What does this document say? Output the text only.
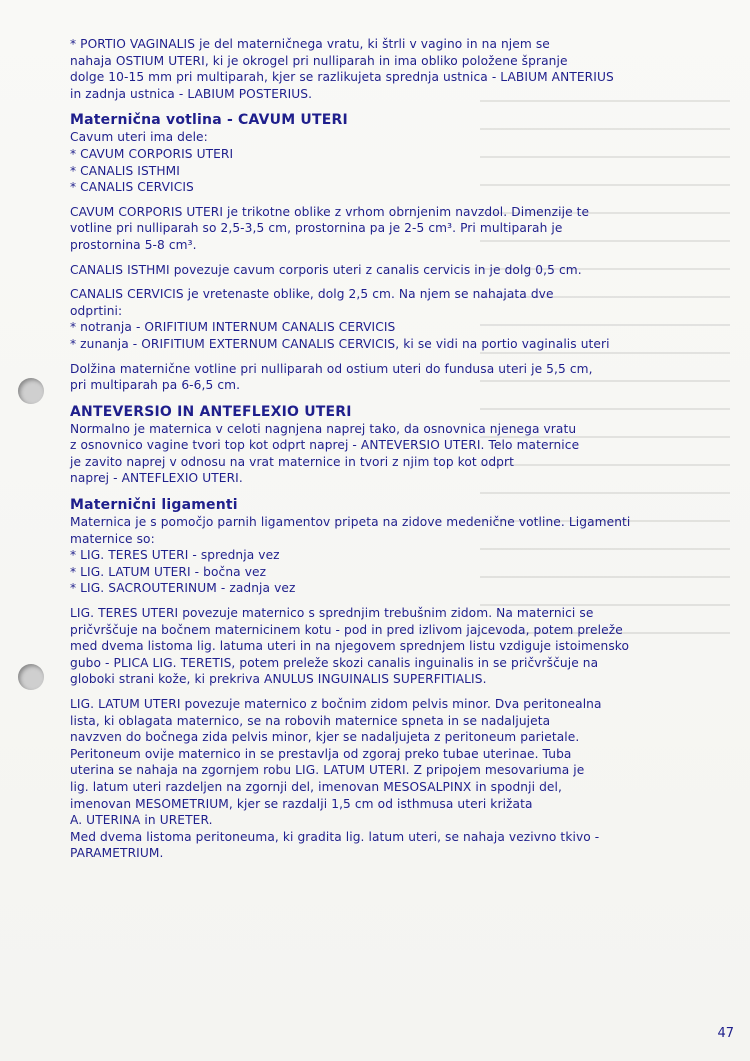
* PORTIO VAGINALIS je del materničnega vratu, ki štrli v vagino in na njem se
nahaja OSTIUM UTERI, ki je okrogel pri nulliparah in ima obliko položene špranje
dolge 10-15 mm pri multiparah, kjer se razlikujeta sprednja ustnica - LABIUM ANTERIUS
in zadnja ustnica - LABIUM POSTERIUS.
Maternična votlina - CAVUM UTERI
Cavum uteri ima dele:
* CAVUM CORPORIS UTERI
* CANALIS ISTHMI
* CANALIS CERVICIS
CAVUM CORPORIS UTERI je trikotne oblike z vrhom obrnjenim navzdol. Dimenzije te
votline pri nulliparah so 2,5-3,5 cm, prostornina pa je 2-5 cm³. Pri multiparah je
prostornina 5-8 cm³.
CANALIS ISTHMI povezuje cavum corporis uteri z canalis cervicis in je dolg 0,5 cm.
CANALIS CERVICIS je vretenaste oblike, dolg 2,5 cm. Na njem se nahajata dve
odprtini:
* notranja - ORIFITIUM INTERNUM CANALIS CERVICIS
* zunanja - ORIFITIUM EXTERNUM CANALIS CERVICIS, ki se vidi na portio vaginalis uteri
Dolžina maternične votline pri nulliparah od ostium uteri do fundusa uteri je 5,5 cm,
pri multiparah pa 6-6,5 cm.
ANTEVERSIO IN ANTEFLEXIO UTERI
Normalno je maternica v celoti nagnjena naprej tako, da osnovnica njenega vratu
z osnovnico vagine tvori top kot odprt naprej - ANTEVERSIO UTERI. Telo maternice
je zavito naprej v odnosu na vrat maternice in tvori z njim top kot odprt
naprej - ANTEFLEXIO UTERI.
Maternični ligamenti
Maternica je s pomočjo parnih ligamentov pripeta na zidove medenične votline. Ligamenti
maternice so:
* LIG. TERES UTERI - sprednja vez
* LIG. LATUM UTERI - bočna vez
* LIG. SACROUTERINUM - zadnja vez
LIG. TERES UTERI povezuje maternico s sprednjim trebušnim zidom. Na maternici se
pričvrščuje na bočnem maternicinem kotu - pod in pred izlivom jajcevoda, potem preleže
med dvema listoma lig. latuma uteri in na njegovem sprednjem listu vzdiguje istoimensko
gubo - PLICA LIG. TERETIS, potem preleže skozi canalis inguinalis in se pričvrščuje na
globoki strani kože, ki prekriva ANULUS INGUINALIS SUPERFITIALIS.
LIG. LATUM UTERI povezuje maternico z bočnim zidom pelvis minor. Dva peritonealna
lista, ki oblagata maternico, se na robovih maternice spneta in se nadaljujeta
navzven do bočnega zida pelvis minor, kjer se nadaljujeta z peritoneum parietale.
Peritoneum ovije maternico in se prestavlja od zgoraj preko tubae uterinae. Tuba
uterina se nahaja na zgornjem robu LIG. LATUM UTERI. Z pripojem mesovariuma je
lig. latum uteri razdeljen na zgornji del, imenovan MESOSALPINX in spodnji del,
imenovan MESOMETRIUM, kjer se razdalji 1,5 cm od isthmusa uteri križata
A. UTERINA in URETER.
Med dvema listoma peritoneuma, ki gradita lig. latum uteri, se nahaja vezivno tkivo -
PARAMETRIUM.
47
